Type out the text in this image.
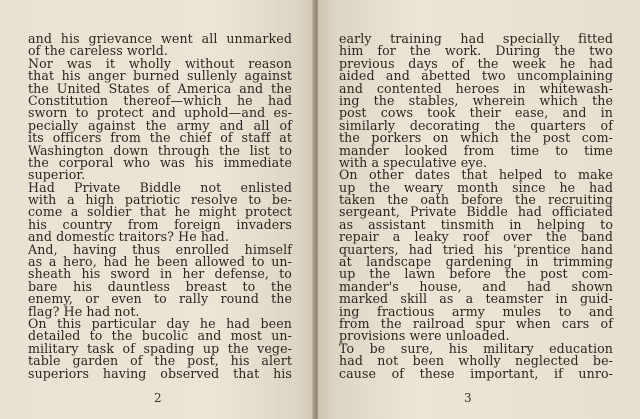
and his grievance went all unmarked
of the careless world.
Nor was it wholly without reason
that his anger burned sullenly against
the United States of America and the
Constitution thereof—which he had
sworn to protect and uphold—and es-
pecially against the army and all of
its officers from the chief of staff at
Washington down through the list to
the corporal who was his immediate
superior.
Had Private Biddle not enlisted
with a high patriotic resolve to be-
come a soldier that he might protect
his country from foreign invaders
and domestic traitors? He had.
And, having thus enrolled himself
as a hero, had he been allowed to un-
sheath his sword in her defense, to
bare his dauntless breast to the
enemy, or even to rally round the
flag? He had not.
On this particular day he had been
detailed to the bucolic and most un-
military task of spading up the vege-
table garden of the post, his alert
superiors having observed that his
2
early training had specially fitted
him for the work. During the two
previous days of the week he had
aided and abetted two uncomplaining
and contented heroes in whitewash-
ing the stables, wherein which the
post cows took their ease, and in
similarly decorating the quarters of
the porkers on which the post com-
mander looked from time to time
with a speculative eye.
On other dates that helped to make
up the weary month since he had
taken the oath before the recruiting
sergeant, Private Biddle had officiated
as assistant tinsmith in helping to
repair a leaky roof over the band
quarters, had tried his 'prentice hand
at landscape gardening in trimming
up the lawn before the post com-
mander's house, and had shown
marked skill as a teamster in guid-
ing fractious army mules to and
from the railroad spur when cars of
provisions were unloaded.
To be sure, his military education
had not been wholly neglected be-
cause of these important, if unro-
3
